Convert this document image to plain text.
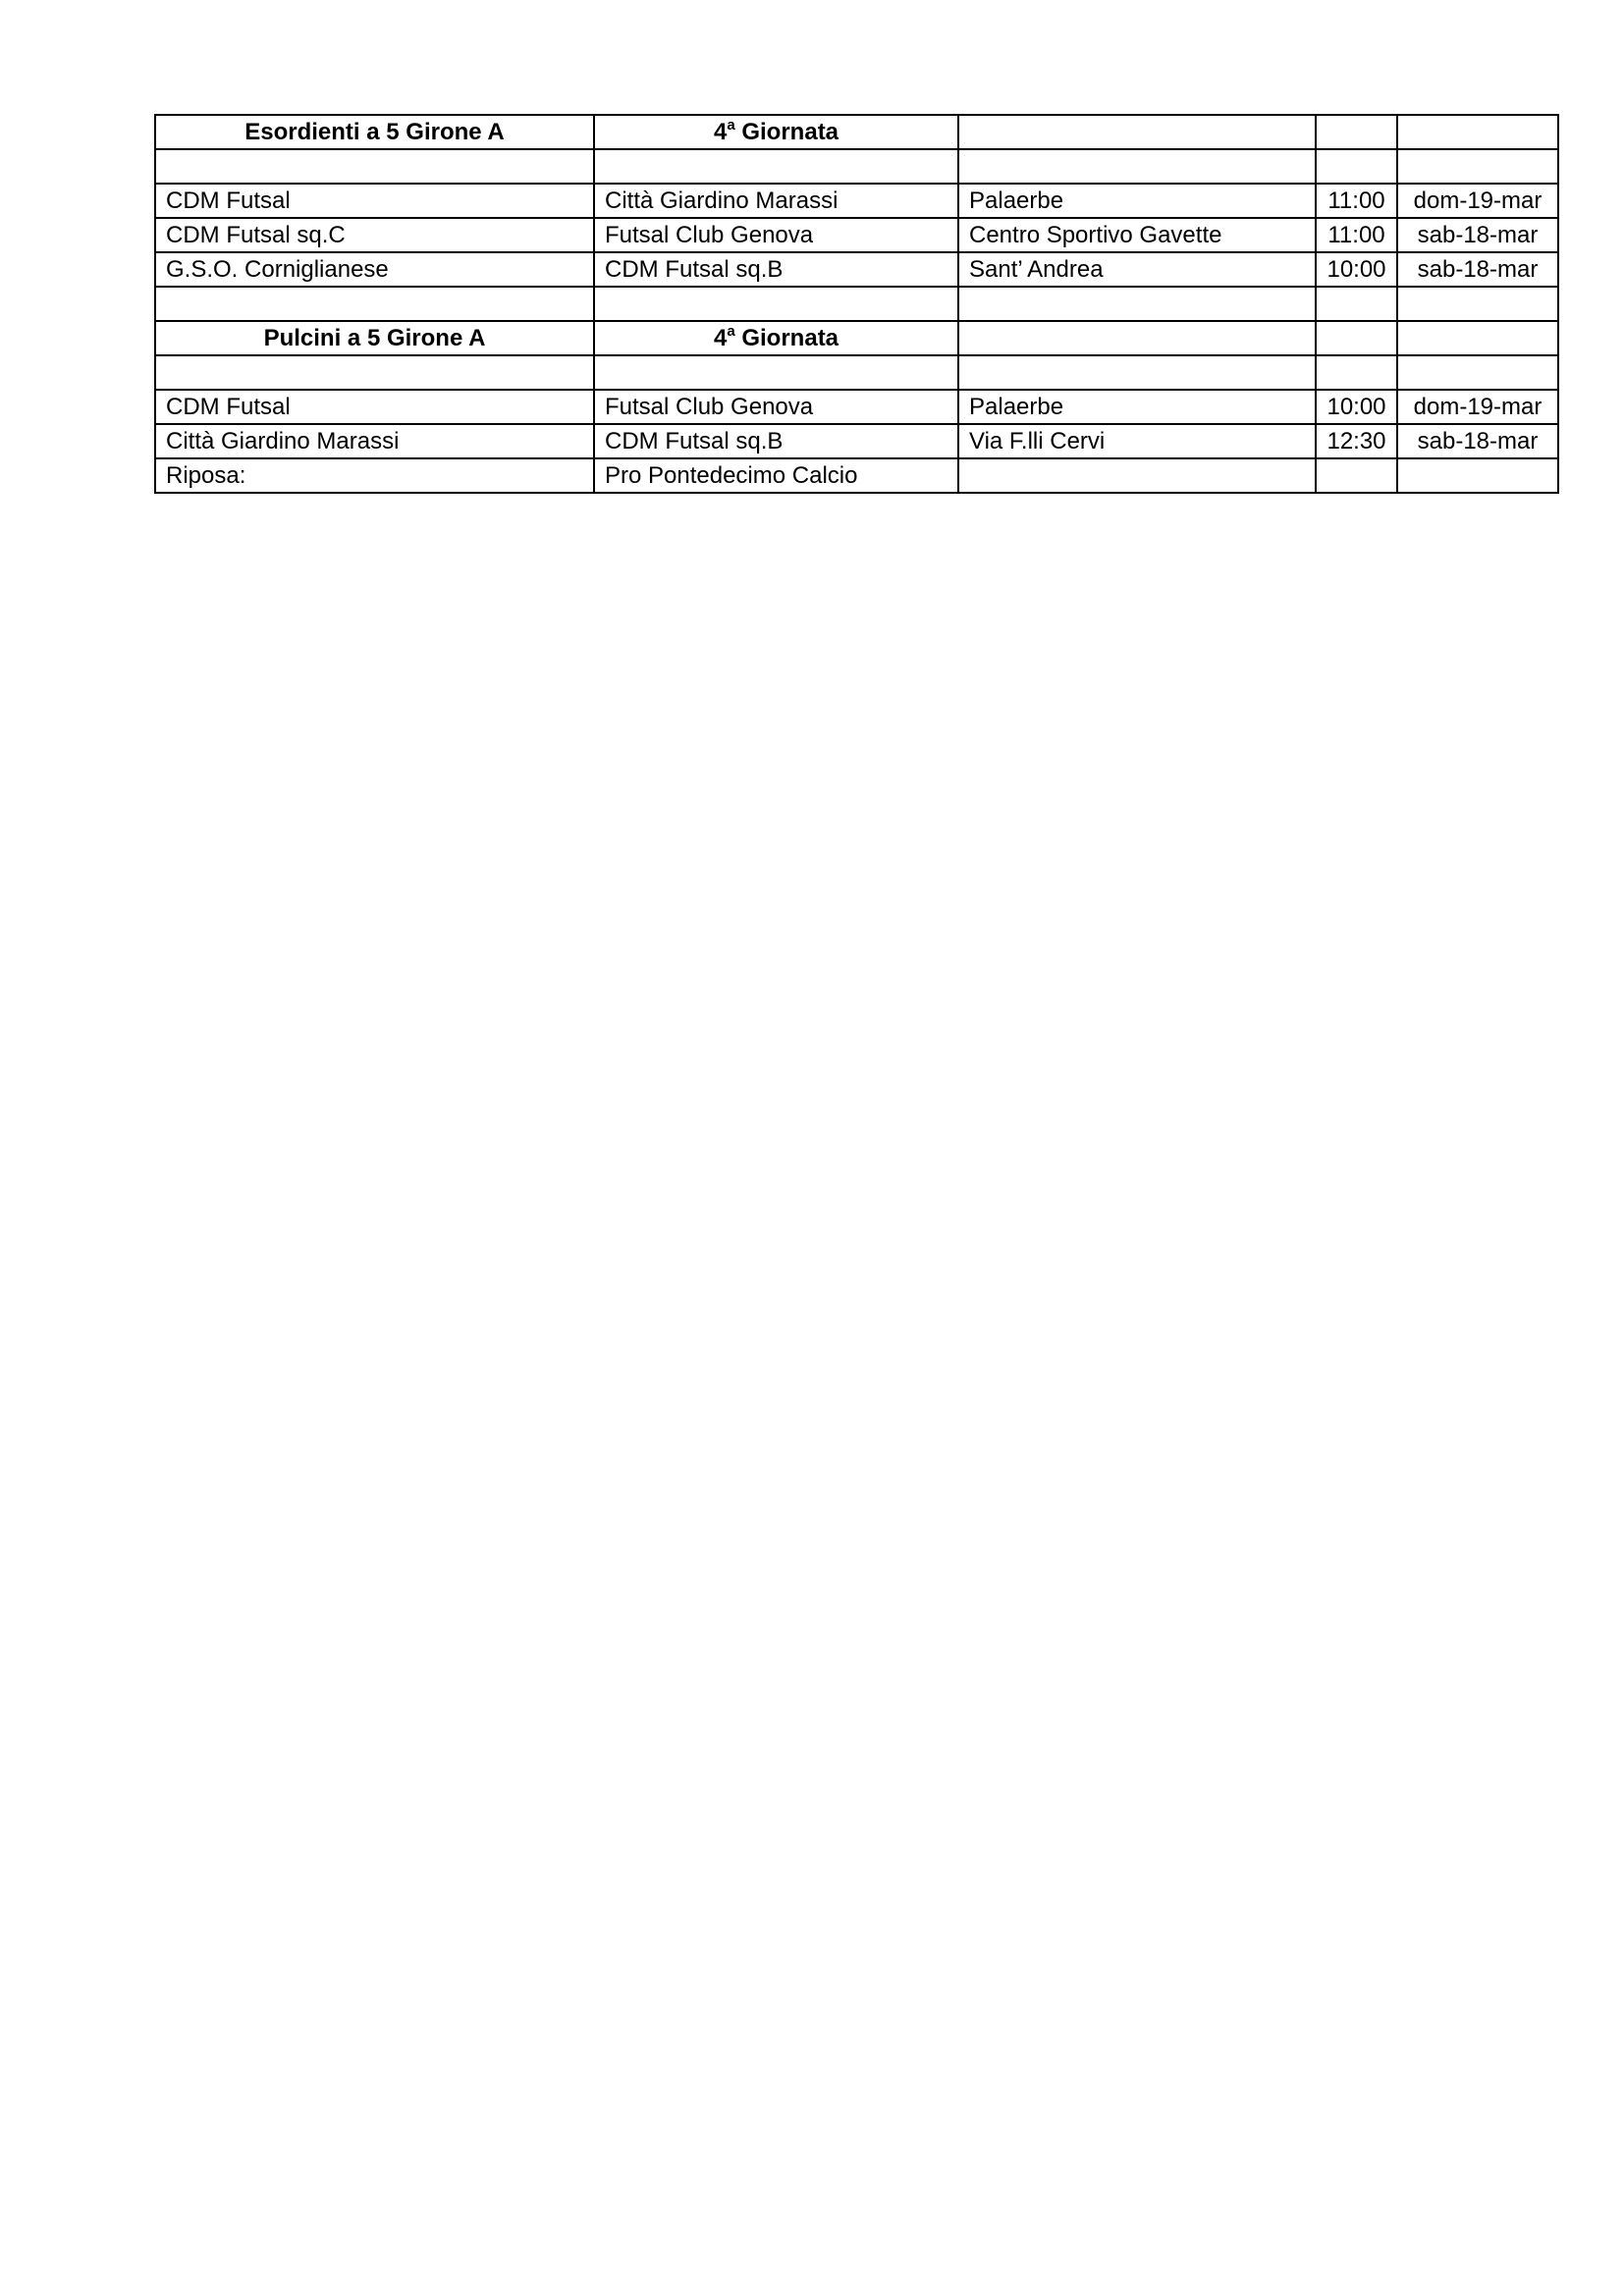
Esordienti a 5 Girone A	4$^a$ Giornata			

CDM Futsal	Città Giardino Marassi	Palaerbe	11:00	dom-19-mar
CDM Futsal sq.C	Futsal Club Genova	Centro Sportivo Gavette	11:00	sab-18-mar
G.S.O. Corniglianese	CDM Futsal sq.B	Sant’ Andrea	10:00	sab-18-mar

Pulcini a 5 Girone A	4$^a$ Giornata			

CDM Futsal	Futsal Club Genova	Palaerbe	10:00	dom-19-mar
Città Giardino Marassi	CDM Futsal sq.B	Via F.lli Cervi	12:30	sab-18-mar
Riposa:	Pro Pontedecimo Calcio			
